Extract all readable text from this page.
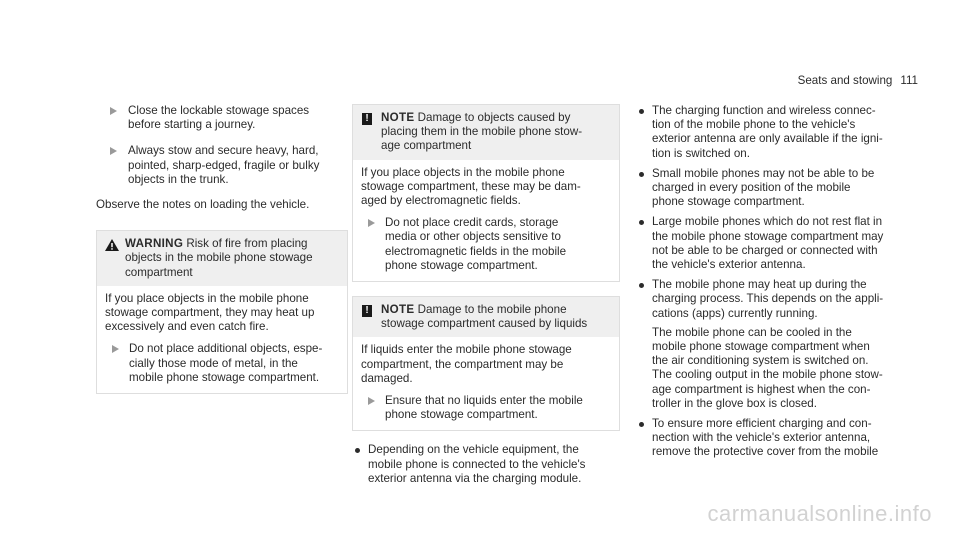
Seats and stowing 111
Close the lockable stowage spaces
before starting a journey.
Always stow and secure heavy, hard,
pointed, sharp-edged, fragile or bulky
objects in the trunk.
Observe the notes on loading the vehicle.
WARNING Risk of fire from placing
objects in the mobile phone stowage
compartment
If you place objects in the mobile phone
stowage compartment, they may heat up
excessively and even catch fire.
Do not place additional objects, espe-
cially those mode of metal, in the
mobile phone stowage compartment.
! NOTE Damage to objects caused by
placing them in the mobile phone stow-
age compartment
If you place objects in the mobile phone
stowage compartment, these may be dam-
aged by electromagnetic fields.
Do not place credit cards, storage
media or other objects sensitive to
electromagnetic fields in the mobile
phone stowage compartment.
! NOTE Damage to the mobile phone
stowage compartment caused by liquids
If liquids enter the mobile phone stowage
compartment, the compartment may be
damaged.
Ensure that no liquids enter the mobile
phone stowage compartment.
Depending on the vehicle equipment, the
mobile phone is connected to the vehicle's
exterior antenna via the charging module.
The charging function and wireless connec-
tion of the mobile phone to the vehicle's
exterior antenna are only available if the igni-
tion is switched on.
Small mobile phones may not be able to be
charged in every position of the mobile
phone stowage compartment.
Large mobile phones which do not rest flat in
the mobile phone stowage compartment may
not be able to be charged or connected with
the vehicle's exterior antenna.
The mobile phone may heat up during the
charging process. This depends on the appli-
cations (apps) currently running.
The mobile phone can be cooled in the
mobile phone stowage compartment when
the air conditioning system is switched on.
The cooling output in the mobile phone stow-
age compartment is highest when the con-
troller in the glove box is closed.
To ensure more efficient charging and con-
nection with the vehicle's exterior antenna,
remove the protective cover from the mobile
carmanualsonline.info
